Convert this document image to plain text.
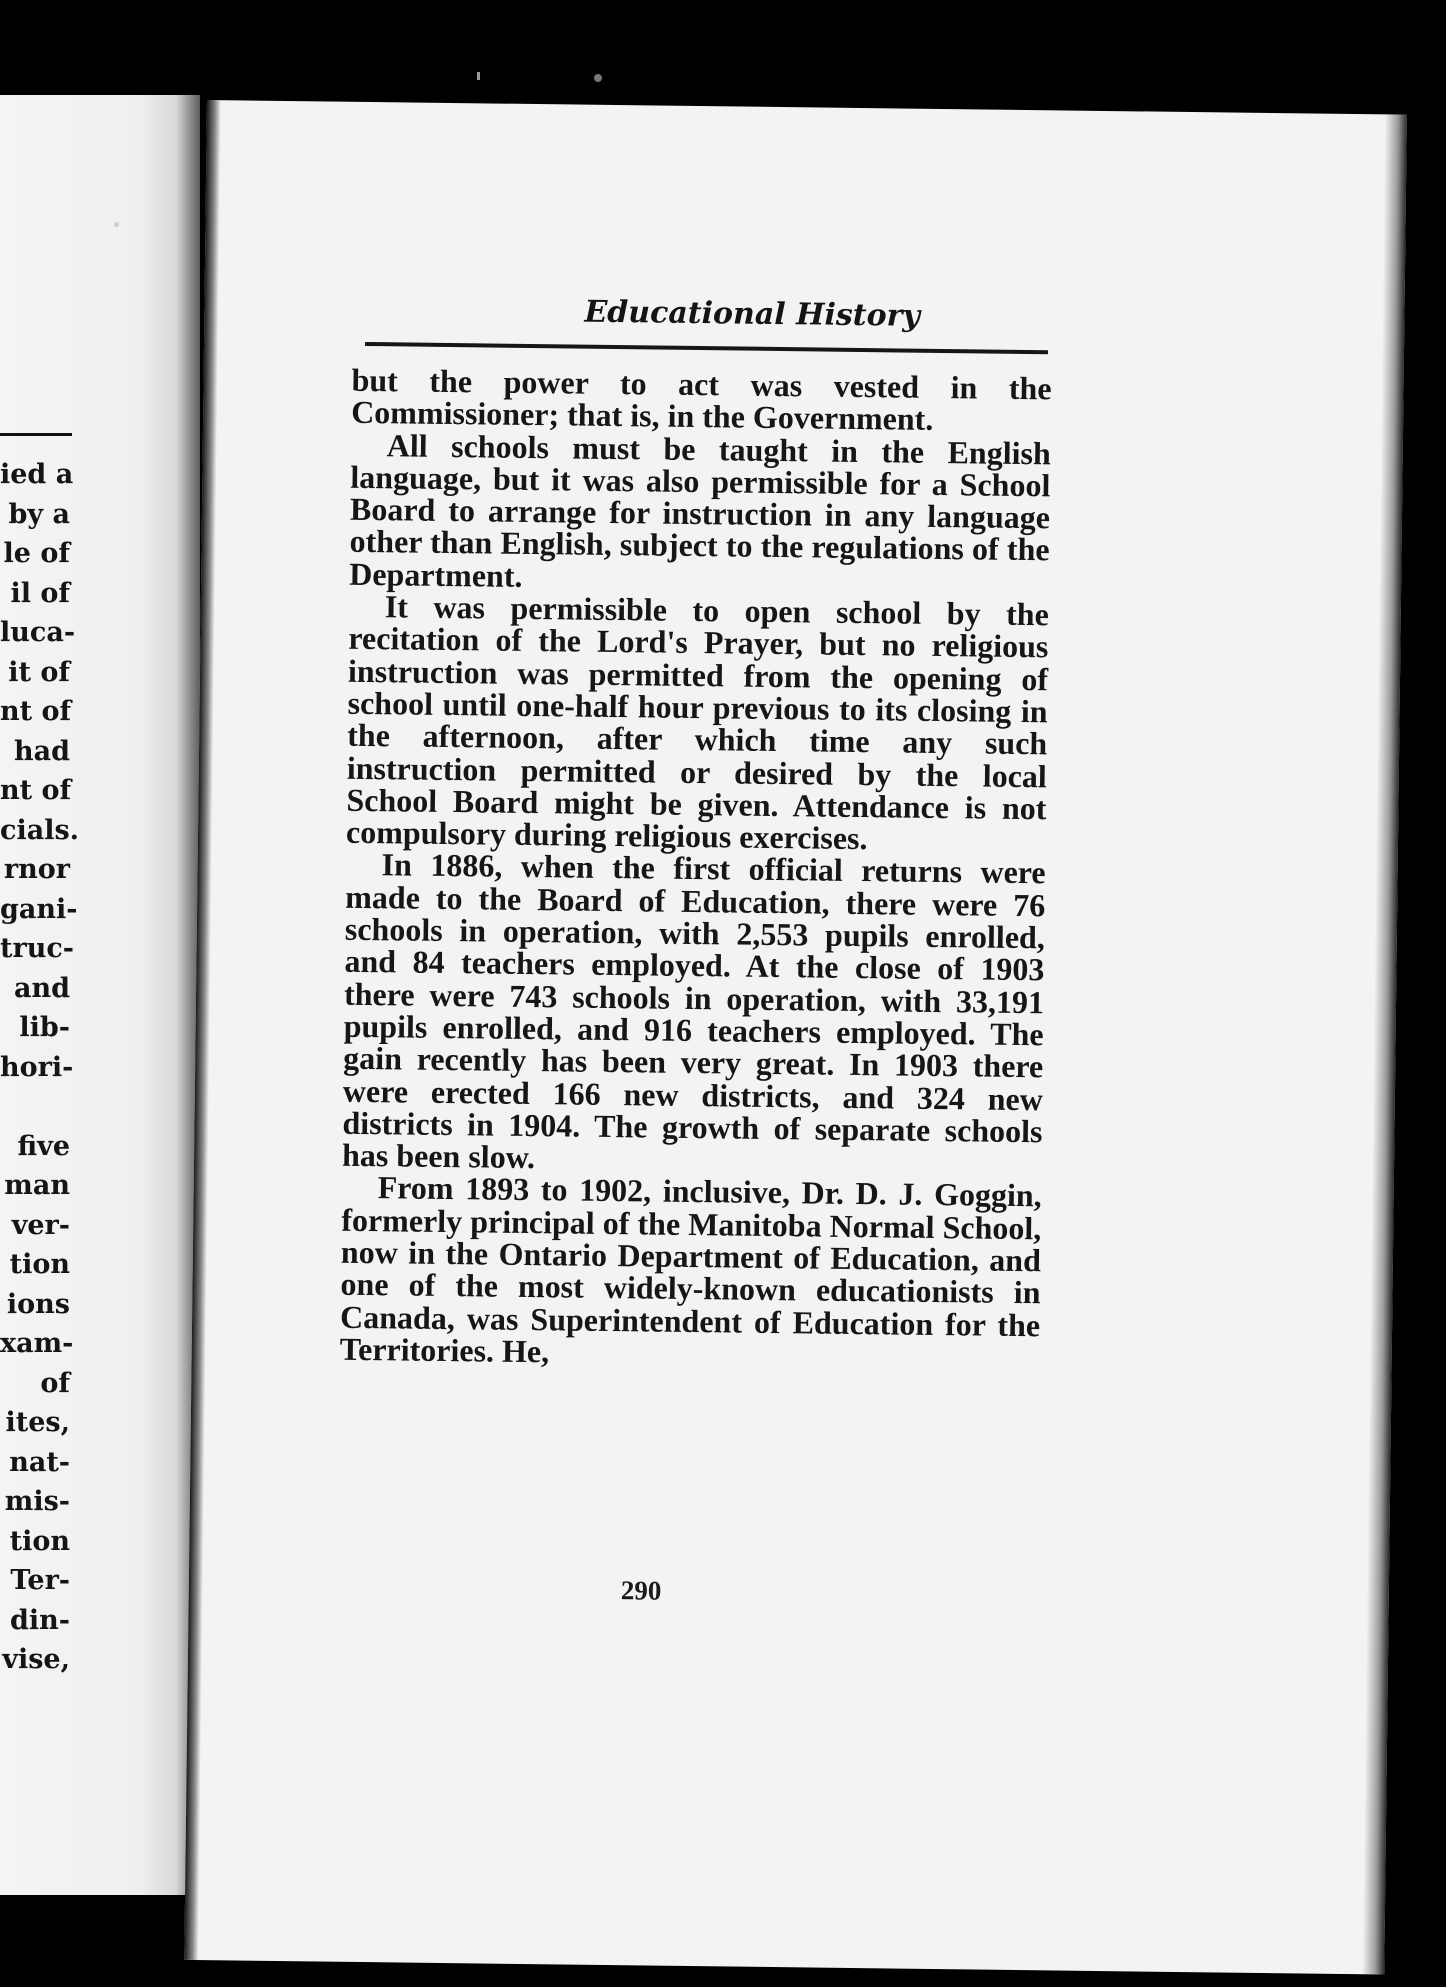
ied a
by a
le of
il of
luca-
it of
nt of
had
nt of
cials.
rnor
gani-
truc-
and
lib-
hori-
five
man
ver-
tion
ions
xam-
of
ites,
nat-
mis-
tion
Ter-
din-
vise,
Educational History

but the power to act was vested in the Commissioner; that is, in the Government.

All schools must be taught in the English language, but it was also permissible for a School Board to arrange for instruction in any language other than English, subject to the regulations of the Department.

It was permissible to open school by the recitation of the Lord's Prayer, but no religious instruction was permitted from the opening of school until one-half hour previous to its closing in the afternoon, after which time any such instruction permitted or desired by the local School Board might be given. Attendance is not compulsory during religious exercises.

In 1886, when the first official returns were made to the Board of Education, there were 76 schools in operation, with 2,553 pupils enrolled, and 84 teachers employed. At the close of 1903 there were 743 schools in operation, with 33,191 pupils enrolled, and 916 teachers employed. The gain recently has been very great. In 1903 there were erected 166 new districts, and 324 new districts in 1904. The growth of separate schools has been slow.

From 1893 to 1902, inclusive, Dr. D. J. Goggin, formerly principal of the Manitoba Normal School, now in the Ontario Department of Education, and one of the most widely-known educationists in Canada, was Superintendent of Education for the Territories. He,

290
